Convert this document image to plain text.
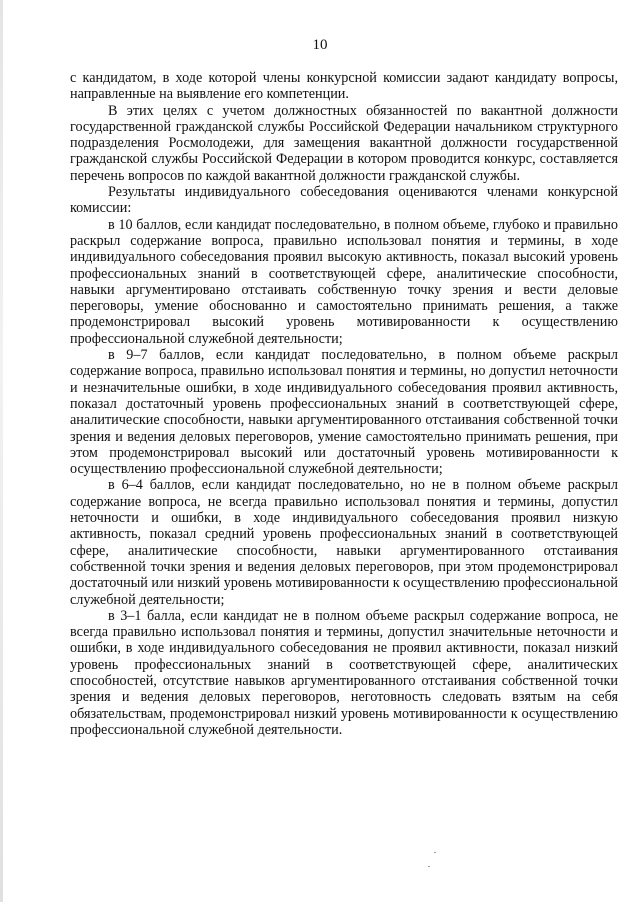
10

с кандидатом, в ходе которой члены конкурсной комиссии задают кандидату вопросы, направленные на выявление его компетенции.

В этих целях с учетом должностных обязанностей по вакантной должности государственной гражданской службы Российской Федерации начальником структурного подразделения Росмолодежи, для замещения вакантной должности государственной гражданской службы Российской Федерации в котором проводится конкурс, составляется перечень вопросов по каждой вакантной должности гражданской службы.

Результаты индивидуального собеседования оцениваются членами конкурсной комиссии:

в 10 баллов, если кандидат последовательно, в полном объеме, глубоко и правильно раскрыл содержание вопроса, правильно использовал понятия и термины, в ходе индивидуального собеседования проявил высокую активность, показал высокий уровень профессиональных знаний в соответствующей сфере, аналитические способности, навыки аргументировано отстаивать собственную точку зрения и вести деловые переговоры, умение обоснованно и самостоятельно принимать решения, а также продемонстрировал высокий уровень мотивированности к осуществлению профессиональной служебной деятельности;

в 9–7 баллов, если кандидат последовательно, в полном объеме раскрыл содержание вопроса, правильно использовал понятия и термины, но допустил неточности и незначительные ошибки, в ходе индивидуального собеседования проявил активность, показал достаточный уровень профессиональных знаний в соответствующей сфере, аналитические способности, навыки аргументированного отстаивания собственной точки зрения и ведения деловых переговоров, умение самостоятельно принимать решения, при этом продемонстрировал высокий или достаточный уровень мотивированности к осуществлению профессиональной служебной деятельности;

в 6–4 баллов, если кандидат последовательно, но не в полном объеме раскрыл содержание вопроса, не всегда правильно использовал понятия и термины, допустил неточности и ошибки, в ходе индивидуального собеседования проявил низкую активность, показал средний уровень профессиональных знаний в соответствующей сфере, аналитические способности, навыки аргументированного отстаивания собственной точки зрения и ведения деловых переговоров, при этом продемонстрировал достаточный или низкий уровень мотивированности к осуществлению профессиональной служебной деятельности;

в 3–1 балла, если кандидат не в полном объеме раскрыл содержание вопроса, не всегда правильно использовал понятия и термины, допустил значительные неточности и ошибки, в ходе индивидуального собеседования не проявил активности, показал низкий уровень профессиональных знаний в соответствующей сфере, аналитических способностей, отсутствие навыков аргументированного отстаивания собственной точки зрения и ведения деловых переговоров, неготовность следовать взятым на себя обязательствам, продемонстрировал низкий уровень мотивированности к осуществлению профессиональной служебной деятельности.
